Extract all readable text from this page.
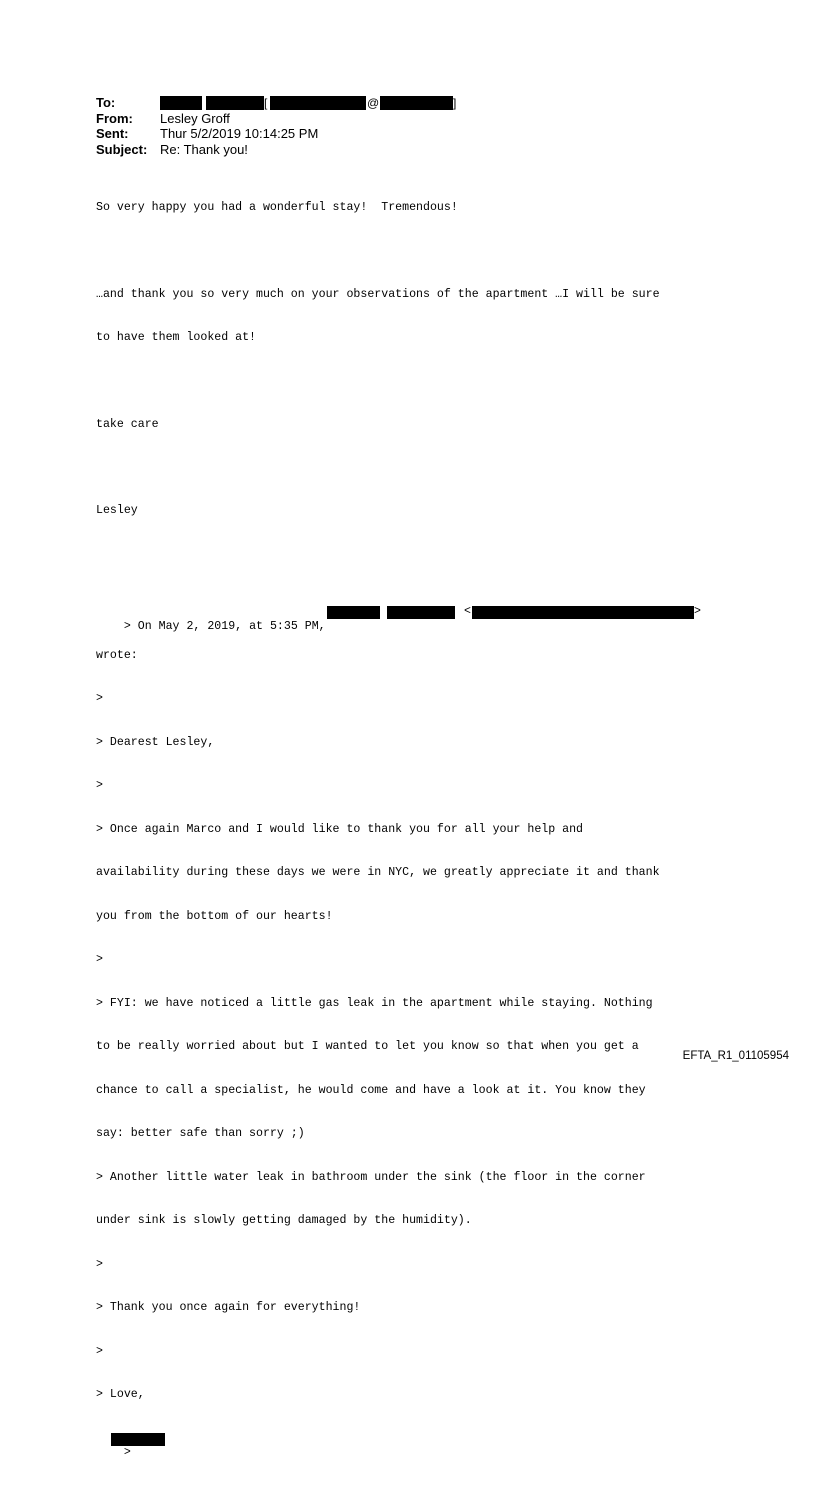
To:	[	@	]
From: Lesley Groff
Sent: Thur 5/2/2019 10:14:25 PM
Subject: Re: Thank you!

So very happy you had a wonderful stay!  Tremendous!

…and thank you so very much on your observations of the apartment …I will be sure

to have them looked at!

take care

Lesley

> On May 2, 2019, at 5:35 PM,

<

	>

wrote:

>

> Dearest Lesley,

>

> Once again Marco and I would like to thank you for all your help and

availability during these days we were in NYC, we greatly appreciate it and thank

you from the bottom of our hearts!

>

> FYI: we have noticed a little gas leak in the apartment while staying. Nothing

to be really worried about but I wanted to let you know so that when you get a

chance to call a specialist, he would come and have a look at it. You know they

say: better safe than sorry ;)

> Another little water leak in bathroom under the sink (the floor in the corner

under sink is slowly getting damaged by the humidity).

>

> Thank you once again for everything!

>

> Love,

>

EFTA_R1_01105954
